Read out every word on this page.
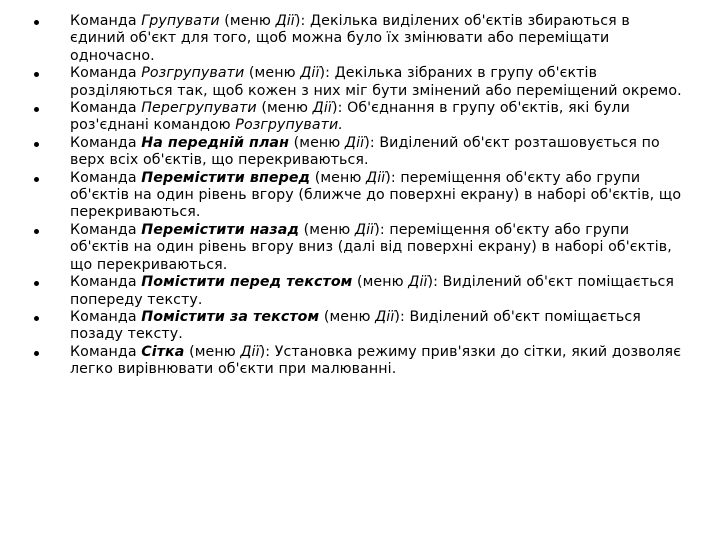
Команда Групувати (меню Дії): Декілька виділених об'єктів збираються в єдиний об'єкт для того, щоб можна було їх змінювати або переміщати одночасно.
Команда Розгрупувати (меню Дії): Декілька зібраних в групу об'єктів розділяються так, щоб кожен з них міг бути змінений або переміщений окремо.
Команда Перегрупувати (меню Дії): Об'єднання в групу об'єктів, які були роз'єднані командою Розгрупувати.
Команда На передній план (меню Дії): Виділений об'єкт розташовується по верх всіх об'єктів, що перекриваються.
Команда Перемістити вперед (меню Дії): переміщення об'єкту або групи об'єктів на один рівень вгору (ближче до поверхні екрану) в наборі об'єктів, що перекриваються.
Команда Перемістити назад (меню Дії): переміщення об'єкту або групи об'єктів на один рівень вгору вниз (далі від поверхні екрану) в наборі об'єктів, що перекриваються.
Команда Помістити перед текстом (меню Дії): Виділений об'єкт поміщається попереду тексту.
Команда Помістити за текстом (меню Дії): Виділений об'єкт поміщається позаду тексту.
Команда Сітка (меню Дії): Установка режиму прив'язки до сітки, який дозволяє легко вирівнювати об'єкти при малюванні.
